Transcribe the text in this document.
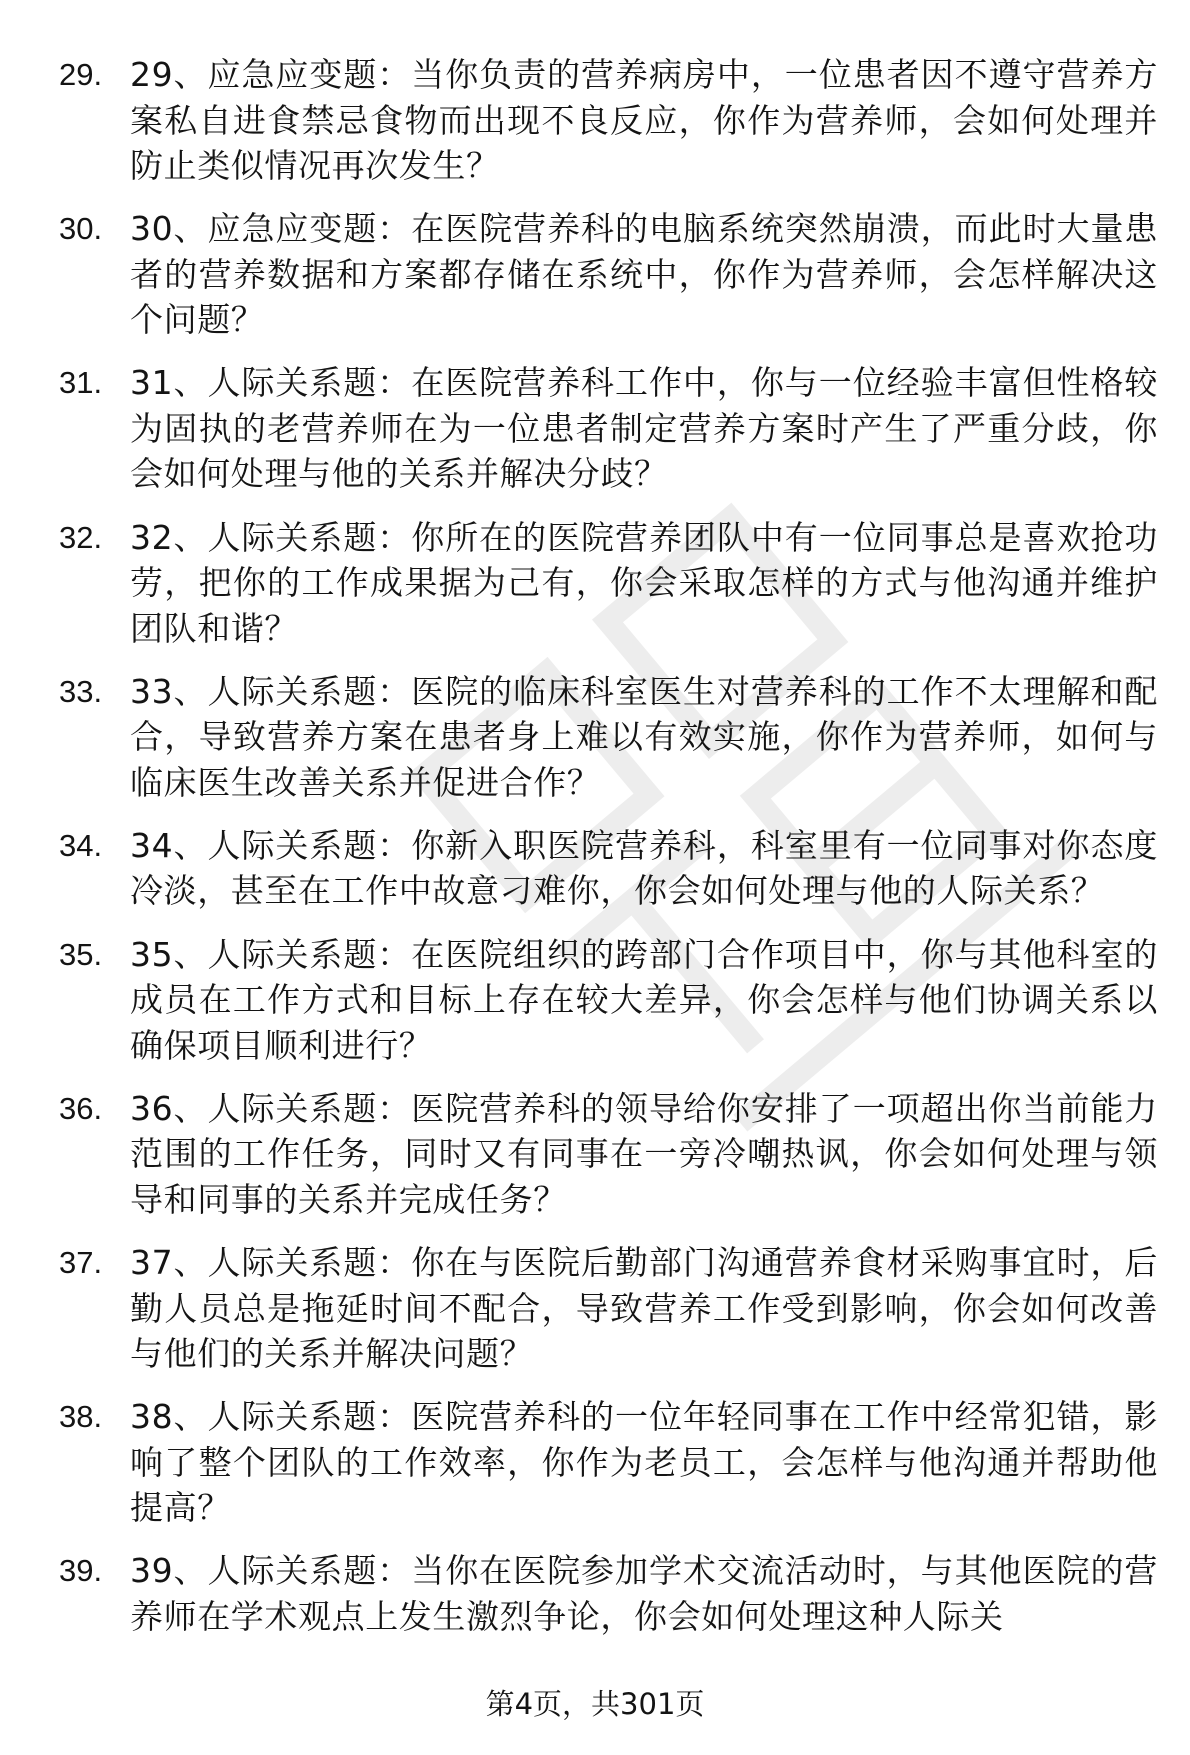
29. 29、应急应变题：当你负责的营养病房中，一位患者因不遵守营养方案私自进食禁忌食物而出现不良反应，你作为营养师，会如何处理并防止类似情况再次发生？
30. 30、应急应变题：在医院营养科的电脑系统突然崩溃，而此时大量患者的营养数据和方案都存储在系统中，你作为营养师，会怎样解决这个问题？
31. 31、人际关系题：在医院营养科工作中，你与一位经验丰富但性格较为固执的老营养师在为一位患者制定营养方案时产生了严重分歧，你会如何处理与他的关系并解决分歧？
32. 32、人际关系题：你所在的医院营养团队中有一位同事总是喜欢抢功劳，把你的工作成果据为己有，你会采取怎样的方式与他沟通并维护团队和谐？
33. 33、人际关系题：医院的临床科室医生对营养科的工作不太理解和配合，导致营养方案在患者身上难以有效实施，你作为营养师，如何与临床医生改善关系并促进合作？
34. 34、人际关系题：你新入职医院营养科，科室里有一位同事对你态度冷淡，甚至在工作中故意刁难你，你会如何处理与他的人际关系？
35. 35、人际关系题：在医院组织的跨部门合作项目中，你与其他科室的成员在工作方式和目标上存在较大差异，你会怎样与他们协调关系以确保项目顺利进行？
36. 36、人际关系题：医院营养科的领导给你安排了一项超出你当前能力范围的工作任务，同时又有同事在一旁冷嘲热讽，你会如何处理与领导和同事的关系并完成任务？
37. 37、人际关系题：你在与医院后勤部门沟通营养食材采购事宜时，后勤人员总是拖延时间不配合，导致营养工作受到影响，你会如何改善与他们的关系并解决问题？
38. 38、人际关系题：医院营养科的一位年轻同事在工作中经常犯错，影响了整个团队的工作效率，你作为老员工，会怎样与他沟通并帮助他提高？
39. 39、人际关系题：当你在医院参加学术交流活动时，与其他医院的营养师在学术观点上发生激烈争论，你会如何处理这种人际关
第4页，共301页
